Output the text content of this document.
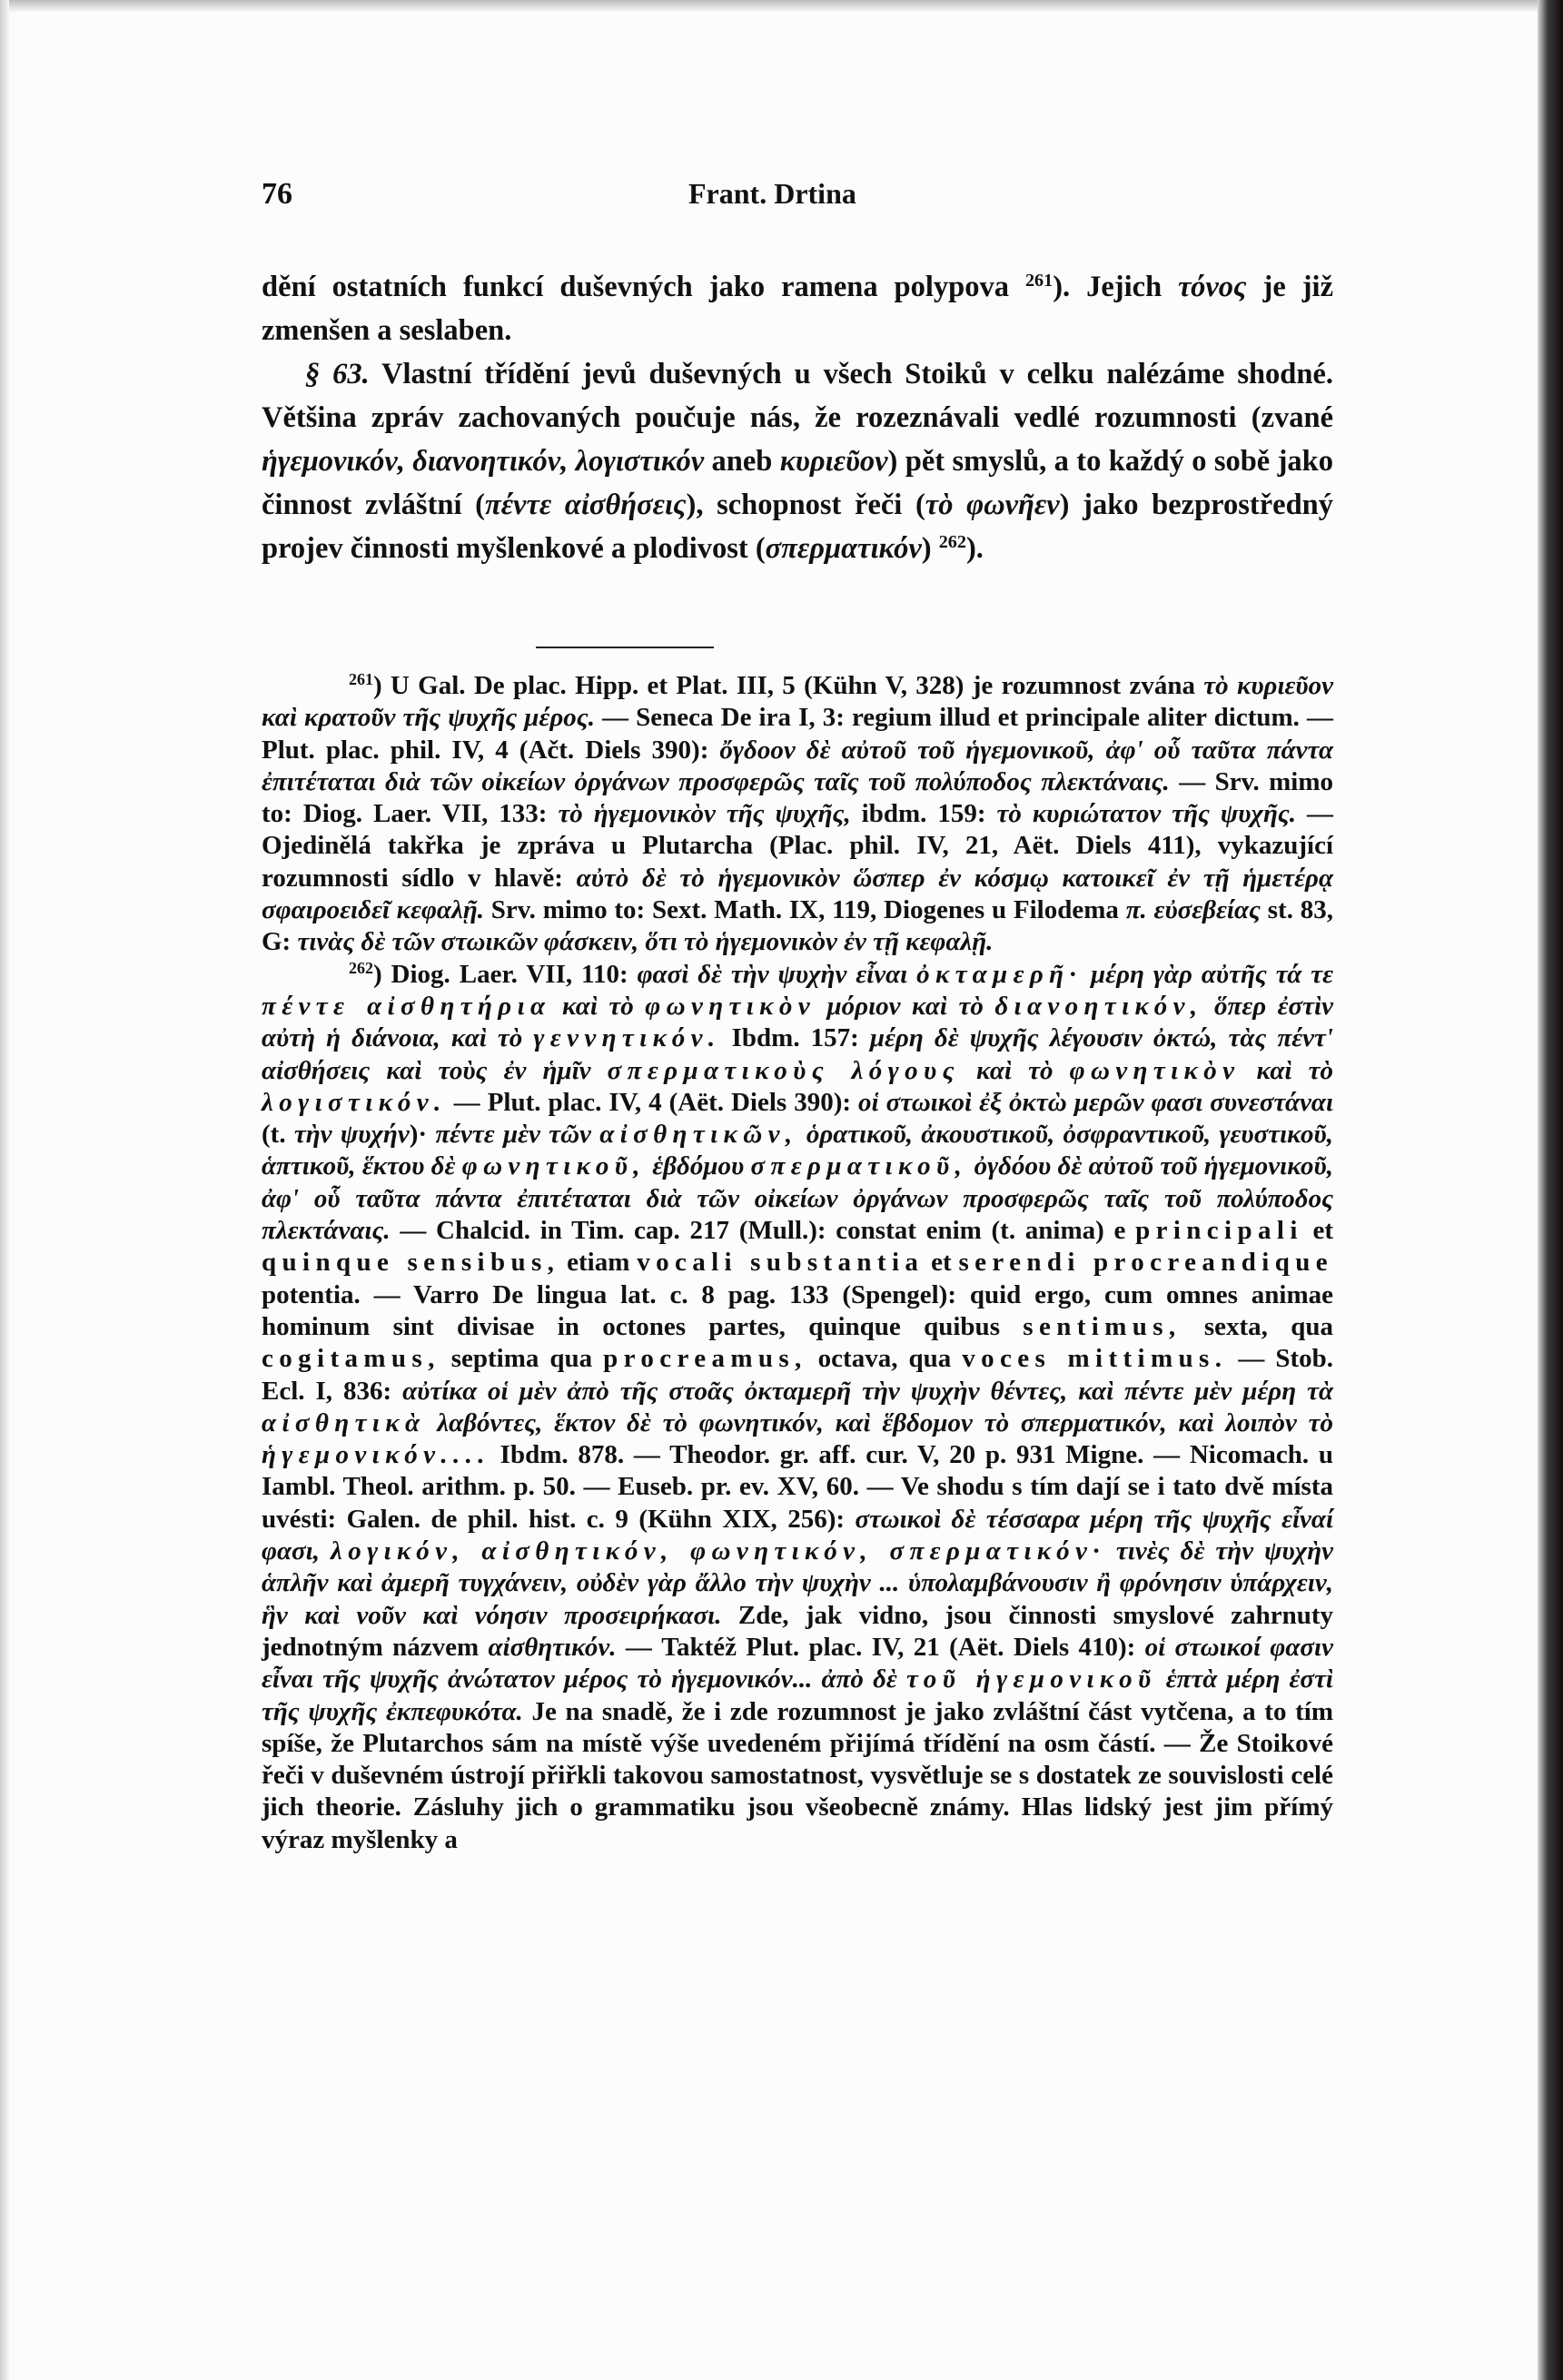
76	Frant. Drtina

dění ostatních funkcí duševných jako ramena polypova $^{261}$). Jejich τόνος je již zmenšen a seslaben.

§ 63. Vlastní třídění jevů duševných u všech Stoiků v celku nalézáme shodné. Většina zpráv zachovaných poučuje nás, že rozeznávali vedlé rozumnosti (zvané ἡγεμονικόν, διανοητικόν, λογιστικόν aneb κυριεῦον) pět smyslů, a to každý o sobě jako činnost zvláštní (πέντε αἰσθήσεις), schopnost řeči (τὸ φωνῆεν) jako bezprostředný projev činnosti myšlenkové a plodivost (σπερματικόν) $^{262}$).

$^{261}$) U Gal. De plac. Hipp. et Plat. III, 5 (Kühn V, 328) je rozumnost zvána τὸ κυριεῦον καὶ κρατοῦν τῆς ψυχῆς μέρος. — Seneca De ira I, 3: regium illud et principale aliter dictum. — Plut. plac. phil. IV, 4 (Ačt. Diels 390): ὄγδοον δὲ αὐτοῦ τοῦ ἡγεμονικοῦ, ἀφ' οὗ ταῦτα πάντα ἐπιτέταται διὰ τῶν οἰκείων ὀργάνων προσφερῶς ταῖς τοῦ πολύποδος πλεκτάναις. — Srv. mimo to: Diog. Laer. VII, 133: τὸ ἡγεμονικὸν τῆς ψυχῆς, ibdm. 159: τὸ κυριώτατον τῆς ψυχῆς. — Ojedinělá takřka je zpráva u Plutarcha (Plac. phil. IV, 21, Aët. Diels 411), vykazující rozumnosti sídlo v hlavě: αὐτὸ δὲ τὸ ἡγεμονικὸν ὥσπερ ἐν κόσμῳ κατοικεῖ ἐν τῇ ἡμετέρᾳ σφαιροειδεῖ κεφαλῇ. Srv. mimo to: Sext. Math. IX, 119, Diogenes u Filodema π. εὐσεβείας st. 83, G: τινὰς δὲ τῶν στωικῶν φάσκειν, ὅτι τὸ ἡγεμονικὸν ἐν τῇ κεφαλῇ.

$^{262}$) Diog. Laer. VII, 110: φασὶ δὲ τὴν ψυχὴν εἶναι ὀκταμερῆ· μέρη γὰρ αὐτῆς τά τε πέντε αἰσθητήρια καὶ τὸ φωνητικὸν μόριον καὶ τὸ διανοητικόν, ὅπερ ἐστὶν αὐτὴ ἡ διάνοια, καὶ τὸ γεννητικόν. Ibdm. 157: μέρη δὲ ψυχῆς λέγουσιν ὀκτώ, τὰς πέντ' αἰσθήσεις καὶ τοὺς ἐν ἡμῖν σπερματικοὺς λόγους καὶ τὸ φωνητικὸν καὶ τὸ λογιστικόν. — Plut. plac. IV, 4 (Aët. Diels 390): οἱ στωικοὶ ἐξ ὀκτὼ μερῶν φασι συνεστάναι (t. τὴν ψυχήν)· πέντε μὲν τῶν αἰσθητικῶν, ὁρατικοῦ, ἀκουστικοῦ, ὀσφραντικοῦ, γευστικοῦ, ἁπτικοῦ, ἕκτου δὲ φωνητικοῦ, ἑβδόμου σπερματικοῦ, ὀγδόου δὲ αὐτοῦ τοῦ ἡγεμονικοῦ, ἀφ' οὗ ταῦτα πάντα ἐπιτέταται διὰ τῶν οἰκείων ὀργάνων προσφερῶς ταῖς τοῦ πολύποδος πλεκτάναις. — Chalcid. in Tim. cap. 217 (Mull.): constat enim (t. anima) e principali et quinque sensibus, etiam vocali substantia et serendi procreandique potentia. — Varro De lingua lat. c. 8 pag. 133 (Spengel): quid ergo, cum omnes animae hominum sint divisae in octones partes, quinque quibus sentimus, sexta, qua cogitamus, septima qua procreamus, octava, qua voces mittimus. — Stob. Ecl. I, 836: αὐτίκα οἱ μὲν ἀπὸ τῆς στοᾶς ὀκταμερῆ τὴν ψυχὴν θέντες, καὶ πέντε μὲν μέρη τὰ αἰσθητικὰ λαβόντες, ἕκτον δὲ τὸ φωνητικόν, καὶ ἕβδομον τὸ σπερματικόν, καὶ λοιπὸν τὸ ἡγεμονικόν.... Ibdm. 878. — Theodor. gr. aff. cur. V, 20 p. 931 Migne. — Nicomach. u Iambl. Theol. arithm. p. 50. — Euseb. pr. ev. XV, 60. — Ve shodu s tím dají se i tato dvě místa uvésti: Galen. de phil. hist. c. 9 (Kühn XIX, 256): στωικοὶ δὲ τέσσαρα μέρη τῆς ψυχῆς εἶναί φασι, λογικόν, αἰσθητικόν, φωνητικόν, σπερματικόν· τινὲς δὲ τὴν ψυχὴν ἁπλῆν καὶ ἀμερῆ τυγχάνειν, οὐδὲν γὰρ ἄλλο τὴν ψυχὴν ... ὑπολαμβάνουσιν ἢ φρόνησιν ὑπάρχειν, ἣν καὶ νοῦν καὶ νόησιν προσειρήκασι. Zde, jak vidno, jsou činnosti smyslové zahrnuty jednotným názvem αἰσθητικόν. — Taktéž Plut. plac. IV, 21 (Aët. Diels 410): οἱ στωικοί φασιν εἶναι τῆς ψυχῆς ἀνώτατον μέρος τὸ ἡγεμονικόν... ἀπὸ δὲ τοῦ ἡγεμονικοῦ ἑπτὰ μέρη ἐστὶ τῆς ψυχῆς ἐκπεφυκότα. Je na snadě, že i zde rozumnost je jako zvláštní část vytčena, a to tím spíše, že Plutarchos sám na místě výše uvedeném přijímá třídění na osm částí. — Že Stoikové řeči v duševném ústrojí přiřkli takovou samostatnost, vysvětluje se s dostatek ze souvislosti celé jich theorie. Zásluhy jich o grammatiku jsou všeobecně známy. Hlas lidský jest jim přímý výraz myšlenky a
